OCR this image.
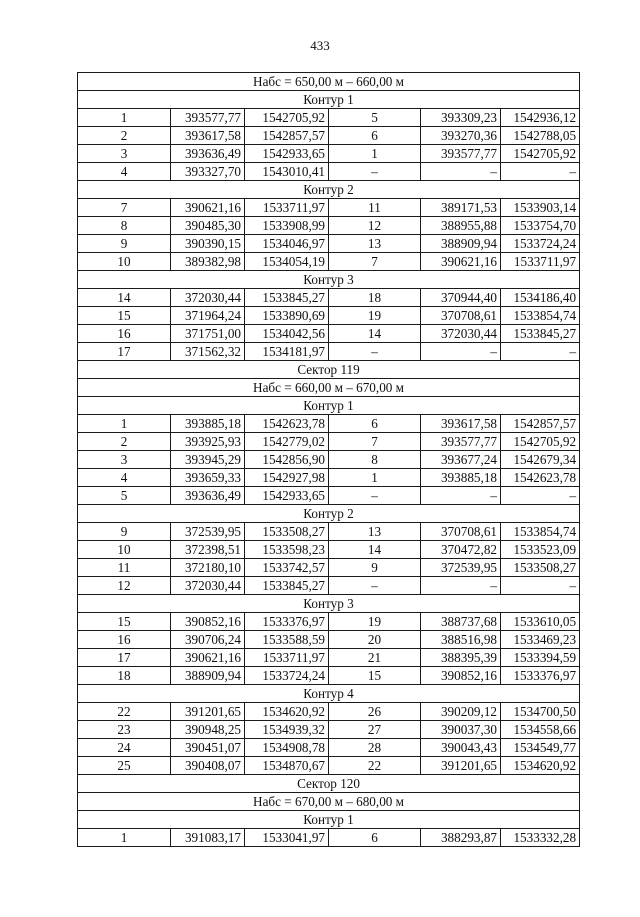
433
Набс = 650,00 м – 660,00 м					
Контур 1					
1	393577,77	1542705,92	5	393309,23	1542936,12
2	393617,58	1542857,57	6	393270,36	1542788,05
3	393636,49	1542933,65	1	393577,77	1542705,92
4	393327,70	1543010,41	–	–	–
Контур 2					
7	390621,16	1533711,97	11	389171,53	1533903,14
8	390485,30	1533908,99	12	388955,88	1533754,70
9	390390,15	1534046,97	13	388909,94	1533724,24
10	389382,98	1534054,19	7	390621,16	1533711,97
Контур 3					
14	372030,44	1533845,27	18	370944,40	1534186,40
15	371964,24	1533890,69	19	370708,61	1533854,74
16	371751,00	1534042,56	14	372030,44	1533845,27
17	371562,32	1534181,97	–	–	–
Сектор 119					
Набс = 660,00 м – 670,00 м					
Контур 1					
1	393885,18	1542623,78	6	393617,58	1542857,57
2	393925,93	1542779,02	7	393577,77	1542705,92
3	393945,29	1542856,90	8	393677,24	1542679,34
4	393659,33	1542927,98	1	393885,18	1542623,78
5	393636,49	1542933,65	–	–	–
Контур 2					
9	372539,95	1533508,27	13	370708,61	1533854,74
10	372398,51	1533598,23	14	370472,82	1533523,09
11	372180,10	1533742,57	9	372539,95	1533508,27
12	372030,44	1533845,27	–	–	–
Контур 3					
15	390852,16	1533376,97	19	388737,68	1533610,05
16	390706,24	1533588,59	20	388516,98	1533469,23
17	390621,16	1533711,97	21	388395,39	1533394,59
18	388909,94	1533724,24	15	390852,16	1533376,97
Контур 4					
22	391201,65	1534620,92	26	390209,12	1534700,50
23	390948,25	1534939,32	27	390037,30	1534558,66
24	390451,07	1534908,78	28	390043,43	1534549,77
25	390408,07	1534870,67	22	391201,65	1534620,92
Сектор 120					
Набс = 670,00 м – 680,00 м					
Контур 1					
1	391083,17	1533041,97	6	388293,87	1533332,28
